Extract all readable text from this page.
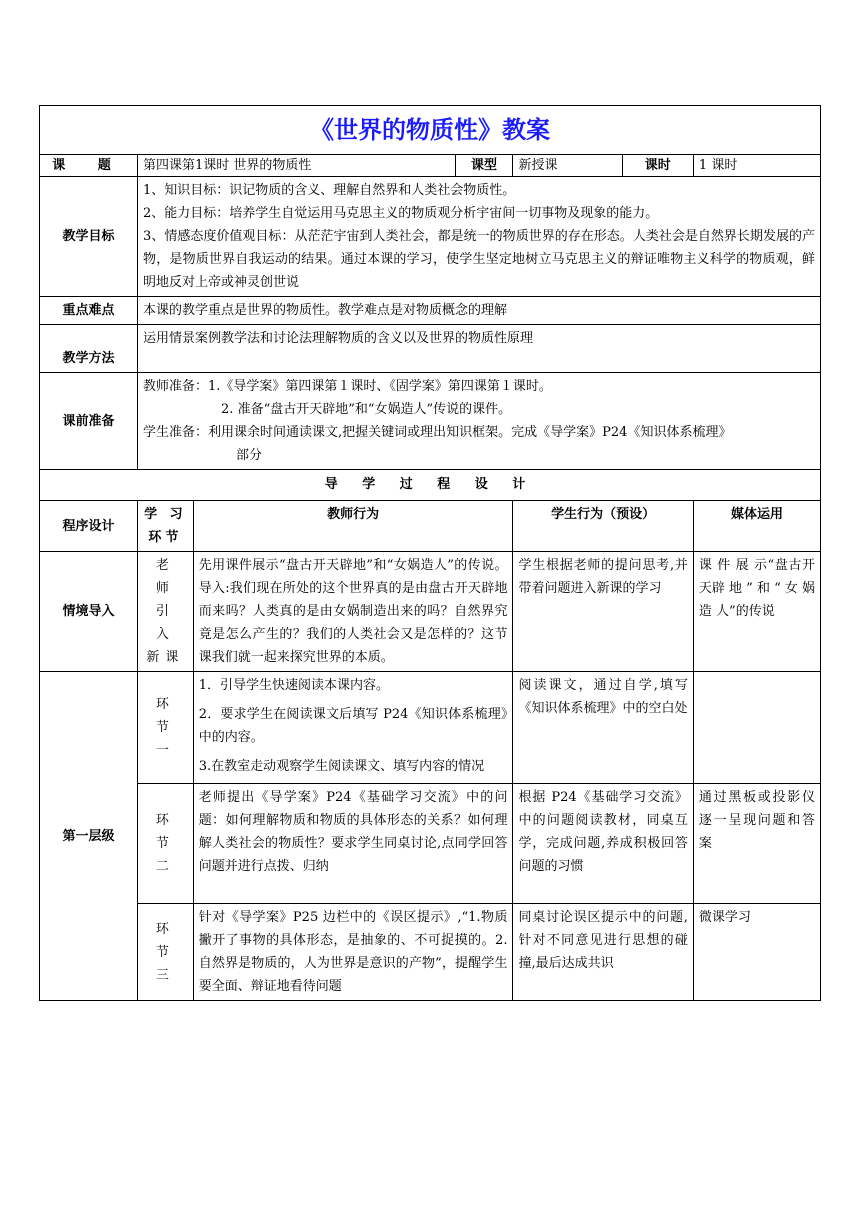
《世界的物质性》教案						
课 题	第四课第1课时 世界的物质性		课型	新授课	课时	1 课时
教学目标	1、知识目标：识记物质的含义、理解自然界和人类社会物质性。
2、能力目标：培养学生自觉运用马克思主义的物质观分析宇宙间一切事物及现象的能力。
3、情感态度价值观目标：从茫茫宇宙到人类社会，都是统一的物质世界的存在形态。人类社会是自然界长期发展的产物，是物质世界自我运动的结果。通过本课的学习，使学生坚定地树立马克思主义的辩证唯物主义科学的物质观，鲜明地反对上帝或神灵创世说					

重点难点	本课的教学重点是世界的物质性。教学难点是对物质概念的理解					
教学方法	运用情景案例教学法和讨论法理解物质的含义以及世界的物质性原理					
课前准备	教师准备：1.《导学案》第四课第１课时、《固学案》第四课第１课时。
2. 准备“盘古开天辟地”和“女娲造人”传说的课件。
学生准备：利用课余时间通读课文,把握关键词或理出知识框架。完成《导学案》P24《知识体系梳理》
部分					

导 学 过 程 设 计						
程序设计	学 习 环节	教师行为		学生行为（预设）		媒体运用
情境导入	老 师 引 入 新课	先用课件展示“盘古开天辟地”和“女娲造人”的传说。导入:我们现在所处的这个世界真的是由盘古开天辟地而来吗？人类真的是由女娲制造出来的吗？自然界究竟是怎么产生的？我们的人类社会又是怎样的？这节课我们就一起来探究世界的本质。		学生根据老师的提问思考,并带着问题进入新课的学习		课 件 展 示“盘古开天辟 地 ” 和 “ 女 娲 造 人”的传说
第一层级	环 节 一	1．引导学生快速阅读本课内容。
2．要求学生在阅读课文后填写 P24《知识体系梳理》中的内容。
3.在教室走动观察学生阅读课文、填写内容的情况		阅读课文，通过自学,填写《知识体系梳理》中的空白处		
	环 节 二	老师提出《导学案》P24《基础学习交流》中的问题：如何理解物质和物质的具体形态的关系？如何理解人类社会的物质性？要求学生同桌讨论,点同学回答问题并进行点拨、归纳		根据 P24《基础学习交流》中的问题阅读教材，同桌互学，完成问题,养成积极回答问题的习惯		通过黑板或投影仪逐一呈现问题和答案
	环 节 三	针对《导学案》P25 边栏中的《误区提示》,“1.物质撇开了事物的具体形态，是抽象的、不可捉摸的。2.自然界是物质的，人为世界是意识的产物”，提醒学生要全面、辩证地看待问题		同桌讨论误区提示中的问题,针对不同意见进行思想的碰撞,最后达成共识		微课学习
